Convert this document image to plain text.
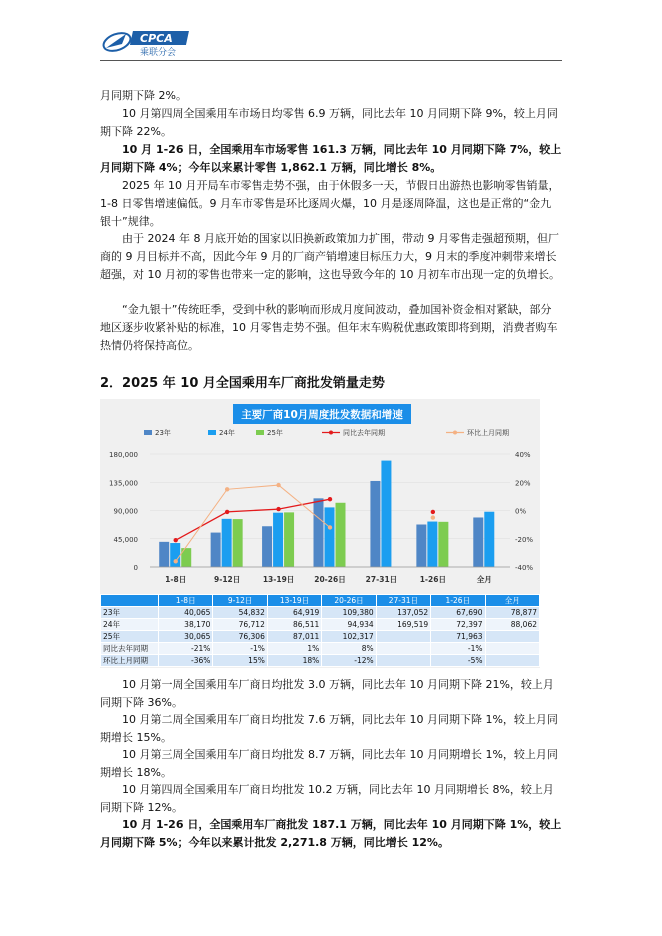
CPCA
乘联分会

月同期下降 2%。

10 月第四周全国乘用车市场日均零售 6.9 万辆，同比去年 10 月同期下降 9%，较上月同期下降 22%。

10 月 1-26 日，全国乘用车市场零售 161.3 万辆，同比去年 10 月同期下降 7%，较上月同期下降 4%；今年以来累计零售 1,862.1 万辆，同比增长 8%。

2025 年 10 月开局车市零售走势不强，由于休假多一天，节假日出游热也影响零售销量，1-8 日零售增速偏低。9 月车市零售是环比逐周火爆，10 月是逐周降温，这也是正常的“金九银十”规律。

由于 2024 年 8 月底开始的国家以旧换新政策加力扩围，带动 9 月零售走强超预期，但厂商的 9 月目标并不高，因此今年 9 月的厂商产销增速目标压力大，9 月末的季度冲刺带来增长超强，对 10 月初的零售也带来一定的影响，这也导致今年的 10 月初车市出现一定的负增长。

“金九银十”传统旺季，受到中秋的影响而形成月度间波动，叠加国补资金相对紧缺，部分地区逐步收紧补贴的标准，10 月零售走势不强。但年末车购税优惠政策即将到期，消费者购车热情仍将保持高位。

2．2025 年 10 月全国乘用车厂商批发销量走势

主要厂商10月周度批发数据和增速
23年	24年	25年	同比去年同期	环比上月同期
180,000
135,000
90,000
45,000
0
40%
20%
0%
-20%
-40%
1-8日	9-12日	13-19日	20-26日	27-31日	1-26日	全月
	1-8日	9-12日	13-19日	20-26日	27-31日	1-26日	全月
23年	40,065	54,832	64,919	109,380	137,052	67,690	78,877
24年	38,170	76,712	86,511	94,934	169,519	72,397	88,062
25年	30,065	76,306	87,011	102,317		71,963	
同比去年同期	-21%	-1%	1%	8%		-1%	
环比上月同期	-36%	15%	18%	-12%		-5%	

10 月第一周全国乘用车厂商日均批发 3.0 万辆，同比去年 10 月同期下降 21%，较上月同期下降 36%。

10 月第二周全国乘用车厂商日均批发 7.6 万辆，同比去年 10 月同期下降 1%，较上月同期增长 15%。

10 月第三周全国乘用车厂商日均批发 8.7 万辆，同比去年 10 月同期增长 1%，较上月同期增长 18%。

10 月第四周全国乘用车厂商日均批发 10.2 万辆，同比去年 10 月同期增长 8%，较上月同期下降 12%。

10 月 1-26 日，全国乘用车厂商批发 187.1 万辆，同比去年 10 月同期下降 1%，较上月同期下降 5%；今年以来累计批发 2,271.8 万辆，同比增长 12%。
